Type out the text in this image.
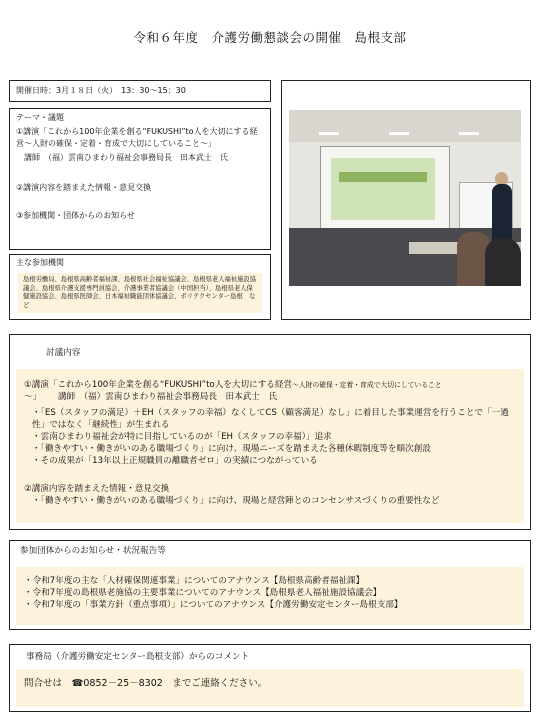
令和６年度　介護労働懇談会の開催　島根支部
開催日時：3月１８日（火）　13：30〜15：30
テーマ・議題
①講演「これから100年企業を創る“FUKUSHI”to人を大切にする経営〜人財の確保・定着・育成で大切にしていること〜」
講師　（福）雲南ひまわり福祉会事務局長　田本武士　氏
②講演内容を踏まえた情報・意見交換
③参加機関・団体からのお知らせ
主な参加機関
島根労働局、島根県高齢者福祉課、島根県社会福祉協議会、島根県老人福祉施設協議会、島根県介護支援専門員協会、介護事業者協議会（中国担当）、島根県老人保健施設協会、島根県医師会、日本福祉職能団体協議会、ポリテクセンター島根　など
討議内容
①講演「これから100年企業を創る“FUKUSHI”to人を大切にする経営〜人財の確保・定着・育成で大切にしていること
〜」 講師　（福）雲南ひまわり福祉会事務局長　田本武士　氏
・「ES（スタッフの満足）＋EH（スタッフの幸福）なくしてCS（顧客満足）なし」に着目した事業運営を行うことで「一過性」ではなく「継続性」が生まれる
・雲南ひまわり福祉会が特に目指しているのが「EH（スタッフの幸福）」追求
・「働きやすい・働きがいのある職場づくり」に向け、現場ニーズを踏まえた各種休暇制度等を順次創設
・その成果が「13年以上正規職員の離職者ゼロ」の実績につながっている
②講演内容を踏まえた情報・意見交換
・「働きやすい・働きがいのある職場づくり」に向け、現場と経営陣とのコンセンサスづくりの重要性など
参加団体からのお知らせ・状況報告等
・令和7年度の主な「人材確保関連事業」についてのアナウンス【島根県高齢者福祉課】
・令和7年度の島根県老施協の主要事業についてのアナウンス【島根県老人福祉施設協議会】
・令和7年度の「事業方針（重点事項）」についてのアナウンス【介護労働安定センター島根支部】
事務局（介護労働安定センター島根支部）からのコメント
問合せは　☎0852－25－8302　までご連絡ください。
